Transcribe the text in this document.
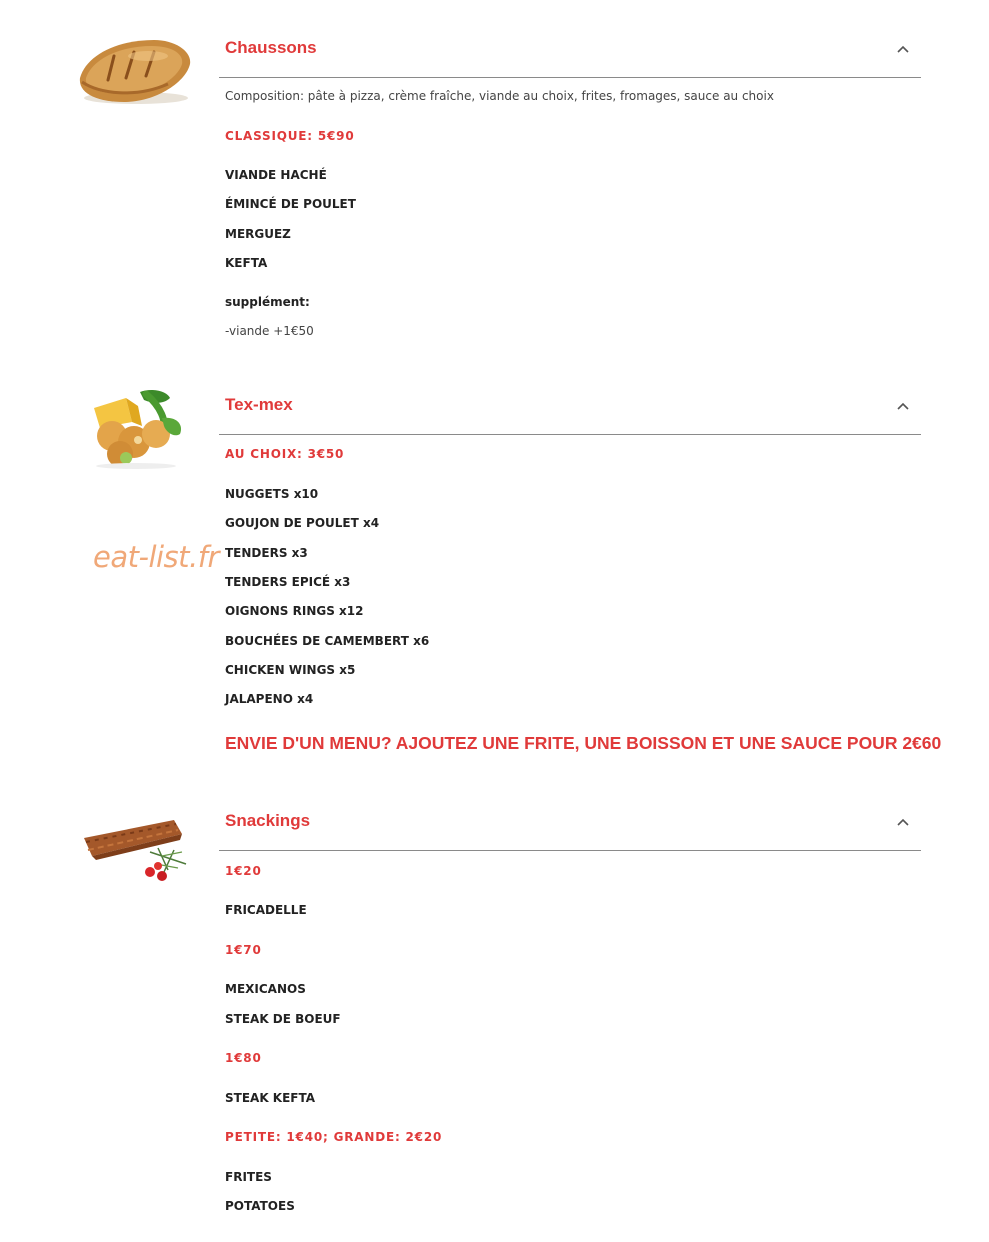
eat-list.fr
Chaussons
Composition: pâte à pizza, crème fraîche, viande au choix, frites, fromages, sauce au choix
CLASSIQUE: 5€90
VIANDE HACHÉ
ÉMINCÉ DE POULET
MERGUEZ
KEFTA
supplément:
-viande +1€50
Tex-mex
AU CHOIX: 3€50
NUGGETS x10
GOUJON DE POULET x4
TENDERS x3
TENDERS EPICÉ x3
OIGNONS RINGS x12
BOUCHÉES DE CAMEMBERT x6
CHICKEN WINGS x5
JALAPENO x4
ENVIE D'UN MENU? AJOUTEZ UNE FRITE, UNE BOISSON ET UNE SAUCE POUR 2€60
Snackings
1€20
FRICADELLE
1€70
MEXICANOS
STEAK DE BOEUF
1€80
STEAK KEFTA
PETITE: 1€40; GRANDE: 2€20
FRITES
POTATOES
